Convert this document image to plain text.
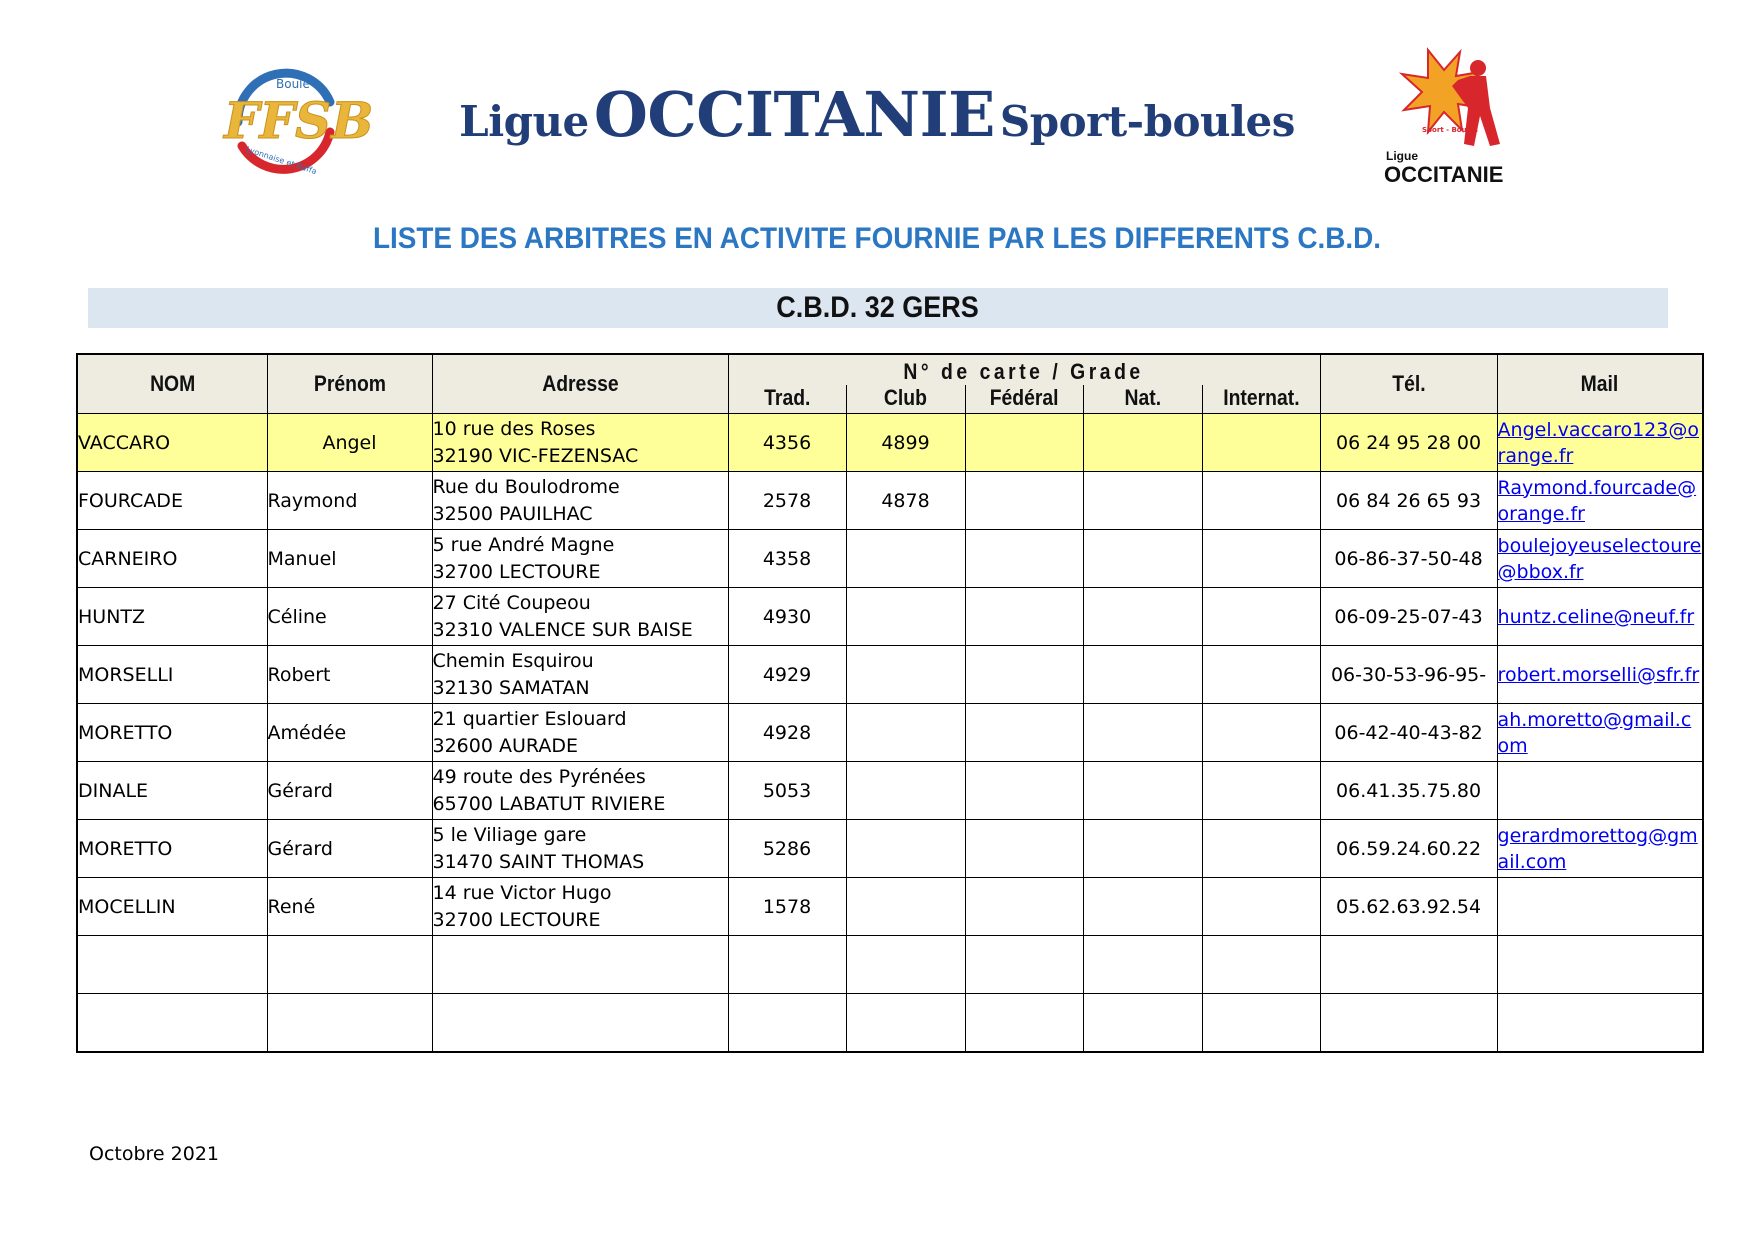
Boule
FFSB
Lyonnaise et Raffa
Ligue OCCITANIE Sport-boules	Sport - Boules
Ligue
OCCITANIE
LISTE DES ARBITRES EN ACTIVITE FOURNIE PAR LES DIFFERENTS C.B.D.
C.B.D. 32 GERS
NOM	Prénom	Adresse	N° de carte / Grade					Tél.	Mail
			Trad.	Club	Fédéral	Nat.	Internat.		
VACCARO	Angel	10 rue des Roses
32190 VIC-FEZENSAC	4356	4899				06 24 95 28 00	Angel.vaccaro123@orange.fr

FOURCADE	Raymond	Rue du Boulodrome
32500 PAUILHAC	2578	4878				06 84 26 65 93	Raymond.fourcade@orange.fr

CARNEIRO	Manuel	5 rue André Magne
32700 LECTOURE	4358					06-86-37-50-48	boulejoyeuselectoure@bbox.fr

HUNTZ	Céline	27 Cité Coupeou
32310 VALENCE SUR BAISE	4930					06-09-25-07-43	huntz.celine@neuf.fr

MORSELLI	Robert	Chemin Esquirou
32130 SAMATAN	4929					06-30-53-96-95-	robert.morselli@sfr.fr

MORETTO	Amédée	21 quartier Eslouard
32600 AURADE	4928					06-42-40-43-82	ah.moretto@gmail.com

DINALE	Gérard	49 route des Pyrénées
65700 LABATUT RIVIERE	5053					06.41.35.75.80	

MORETTO	Gérard	5 le Viliage gare
31470 SAINT THOMAS	5286					06.59.24.60.22	gerardmorettog@gmail.com

MOCELLIN	René	14 rue Victor Hugo
32700 LECTOURE	1578					05.62.63.92.54	

Octobre 2021
